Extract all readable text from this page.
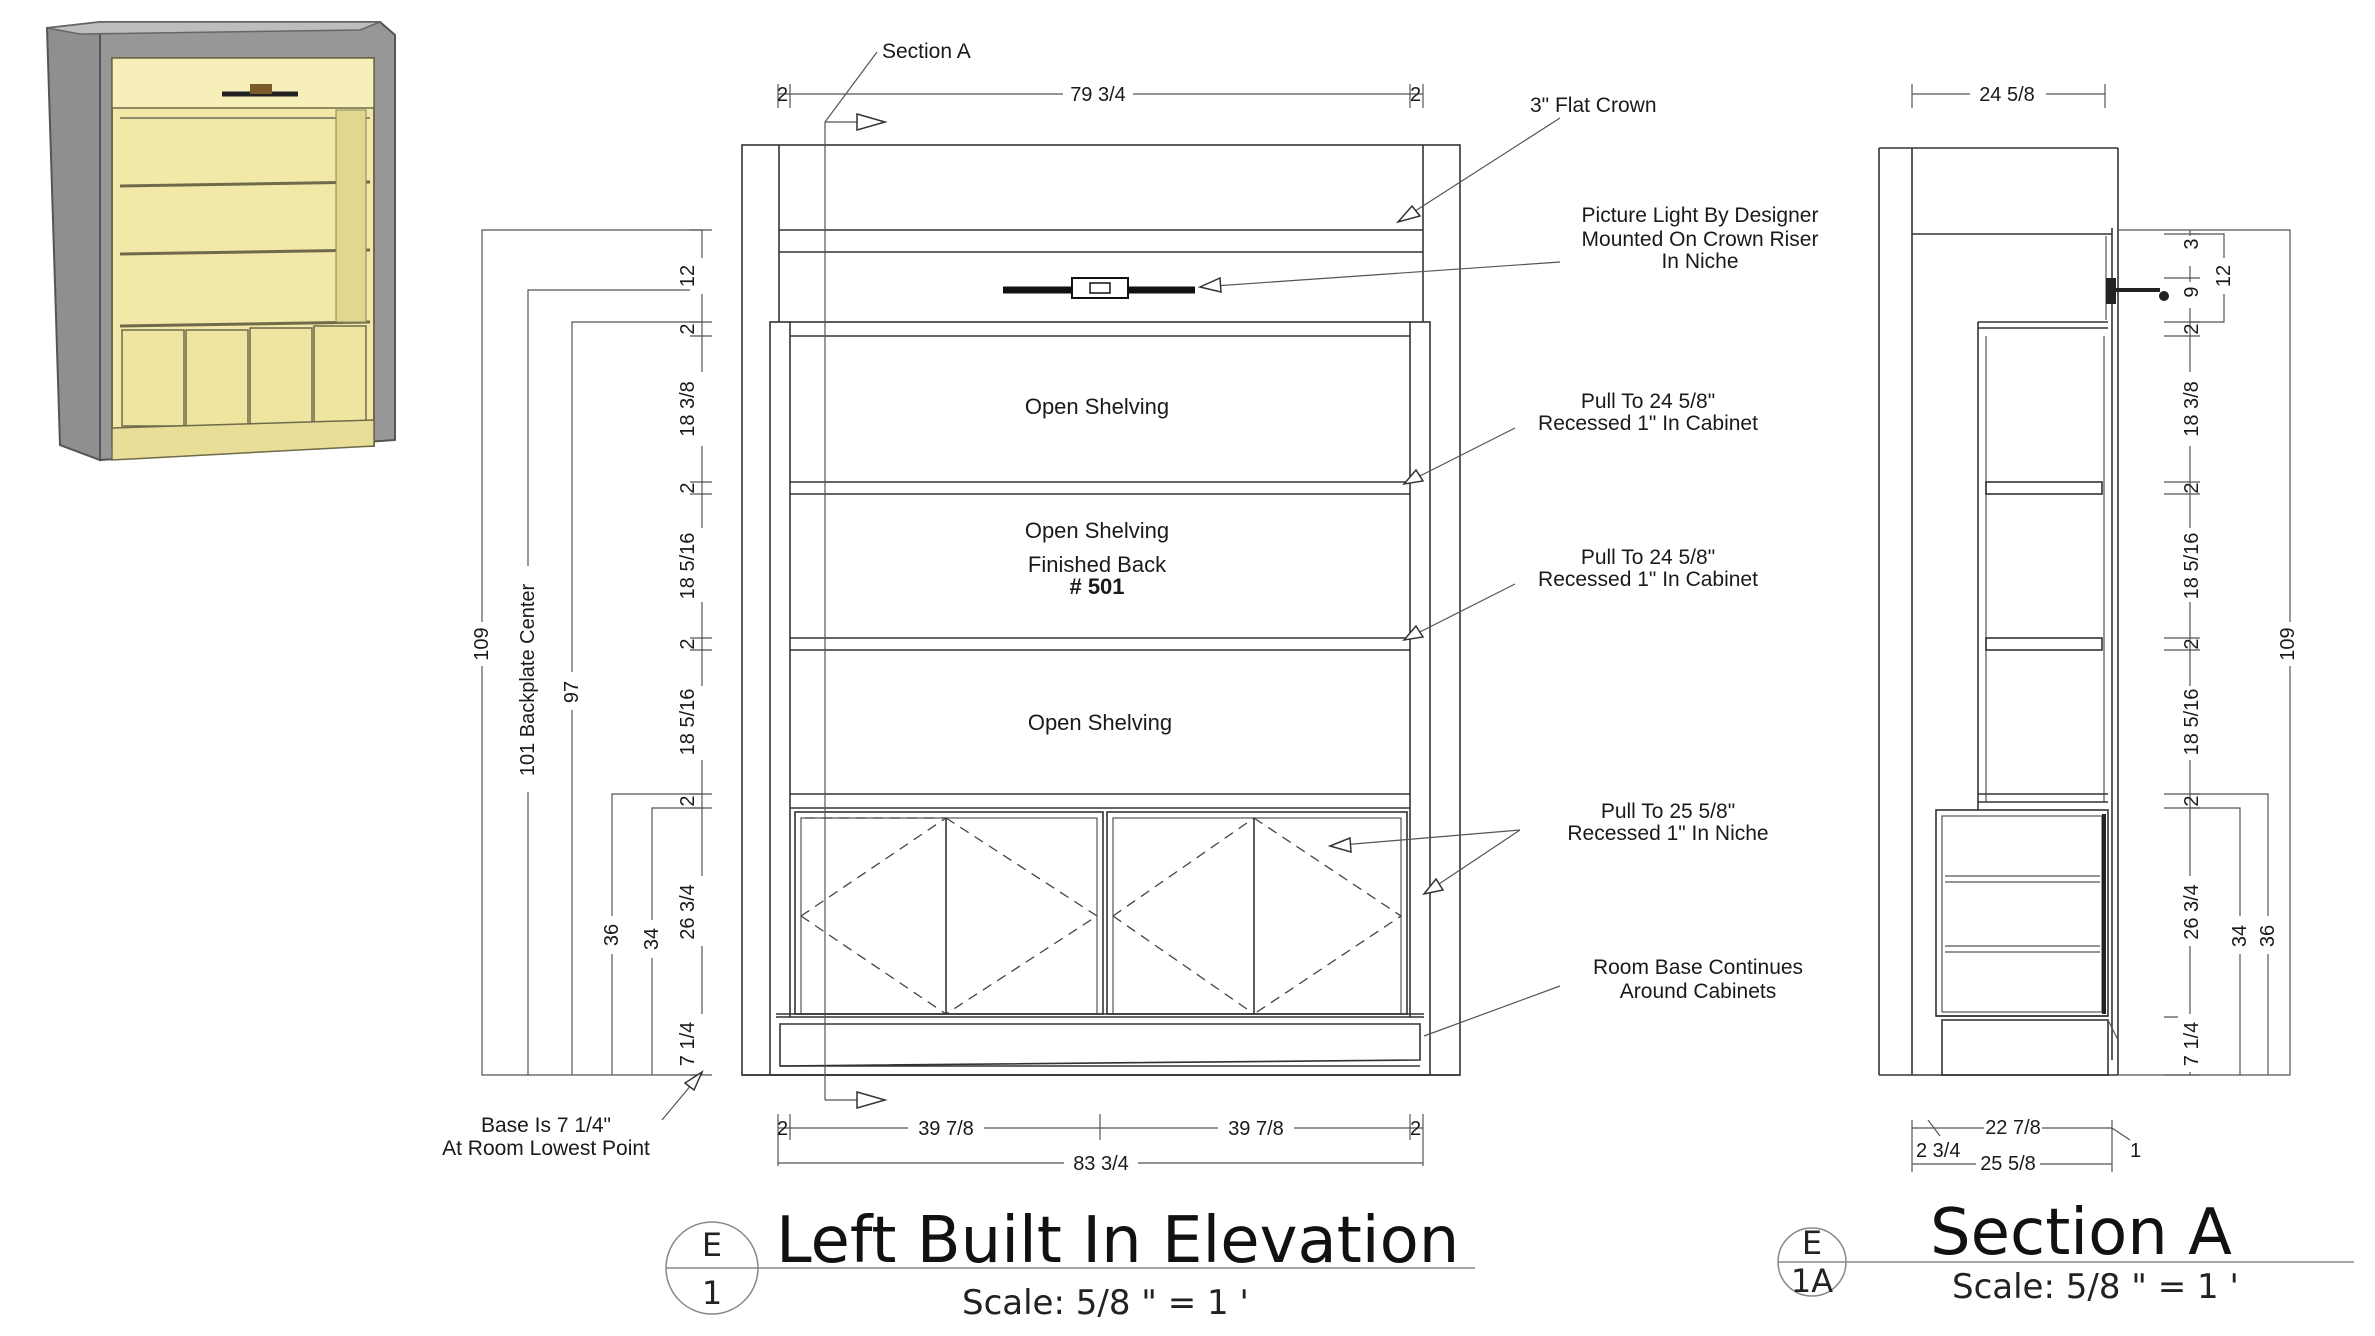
Open Shelving
Open Shelving
Finished Back
# 501
Open Shelving
Section A
2	79 3/4	2
2	39 7/8	39 7/8	2
83 3/4
12
2
18 3/8
2
18 5/16
2
18 5/16
2
26 3/4
7 1/4
109 101 Backplate Center 97
36 34
3" Flat Crown
Picture Light By Designer
Mounted On Crown Riser
In Niche
Pull To 24 5/8"
Recessed 1" In Cabinet
Pull To 24 5/8"
Recessed 1" In Cabinet
Pull To 25 5/8"
Recessed 1" In Niche
Room Base Continues
Around Cabinets
Base Is 7 1/4"
At Room Lowest Point
24 5/8
3
9
12
2
18 3/8
2
18 5/16
2
18 5/16
2
26 3/4 34 36
7 1/4
109
22 7/8
2 3/4
25 5/8
1
E
1
Left Built In Elevation
Scale: 5/8 " = 1 '
E
1A
Section A
Scale: 5/8 " = 1 '
